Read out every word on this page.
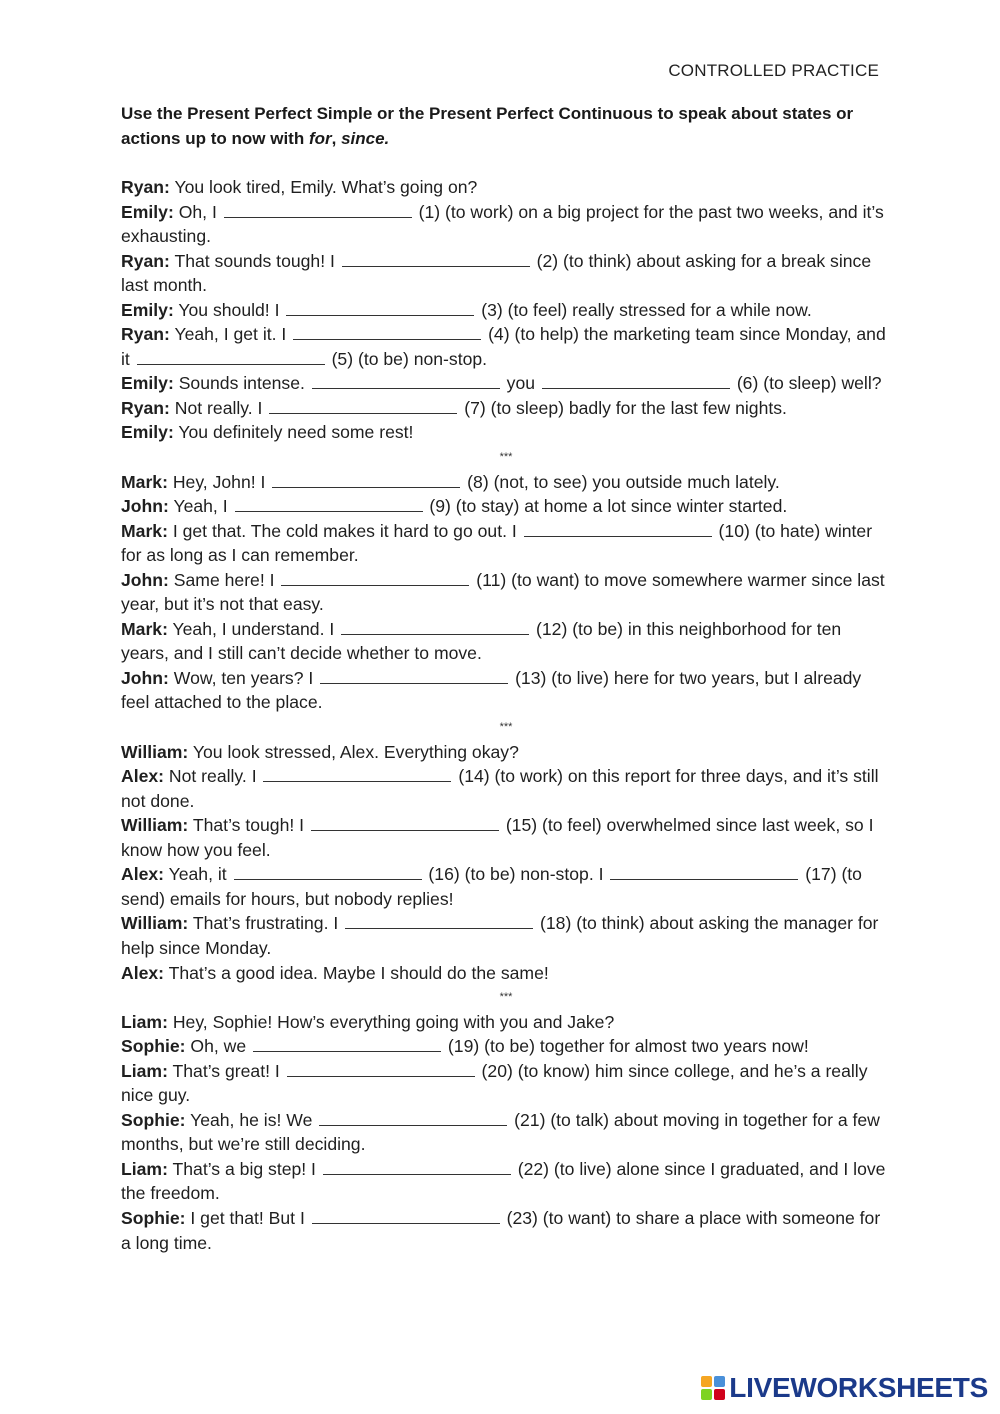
CONTROLLED PRACTICE
Use the Present Perfect Simple or the Present Perfect Continuous to speak about states or actions up to now with for, since.

Ryan: You look tired, Emily. What’s going on?

Emily: Oh, I	(1) (to work) on a big project for the past two weeks, and it’s exhausting.

Ryan: That sounds tough! I	(2) (to think) about asking for a break since last month.

Emily: You should! I	(3) (to feel) really stressed for a while now.

Ryan: Yeah, I get it. I	(4) (to help) the marketing team since Monday, and it	(5) (to be) non-stop.

Emily: Sounds intense.	you	(6) (to sleep) well?

Ryan: Not really. I	(7) (to sleep) badly for the last few nights.

Emily: You definitely need some rest!

***

Mark: Hey, John! I	(8) (not, to see) you outside much lately.

John: Yeah, I	(9) (to stay) at home a lot since winter started.

Mark: I get that. The cold makes it hard to go out. I	(10) (to hate) winter for as long as I can remember.

John: Same here! I	(11) (to want) to move somewhere warmer since last year, but it’s not that easy.

Mark: Yeah, I understand. I	(12) (to be) in this neighborhood for ten years, and I still can’t decide whether to move.

John: Wow, ten years? I	(13) (to live) here for two years, but I already feel attached to the place.

***

William: You look stressed, Alex. Everything okay?

Alex: Not really. I	(14) (to work) on this report for three days, and it’s still not done.

William: That’s tough! I	(15) (to feel) overwhelmed since last week, so I know how you feel.

Alex: Yeah, it	(16) (to be) non-stop. I	(17) (to send) emails for hours, but nobody replies!

William: That’s frustrating. I	(18) (to think) about asking the manager for help since Monday.

Alex: That’s a good idea. Maybe I should do the same!

***

Liam: Hey, Sophie! How’s everything going with you and Jake?

Sophie: Oh, we	(19) (to be) together for almost two years now!

Liam: That’s great! I	(20) (to know) him since college, and he’s a really nice guy.

Sophie: Yeah, he is! We	(21) (to talk) about moving in together for a few months, but we’re still deciding.

Liam: That’s a big step! I	(22) (to live) alone since I graduated, and I love the freedom.

Sophie: I get that! But I	(23) (to want) to share a place with someone for a long time.

LIVEWORKSHEETS
